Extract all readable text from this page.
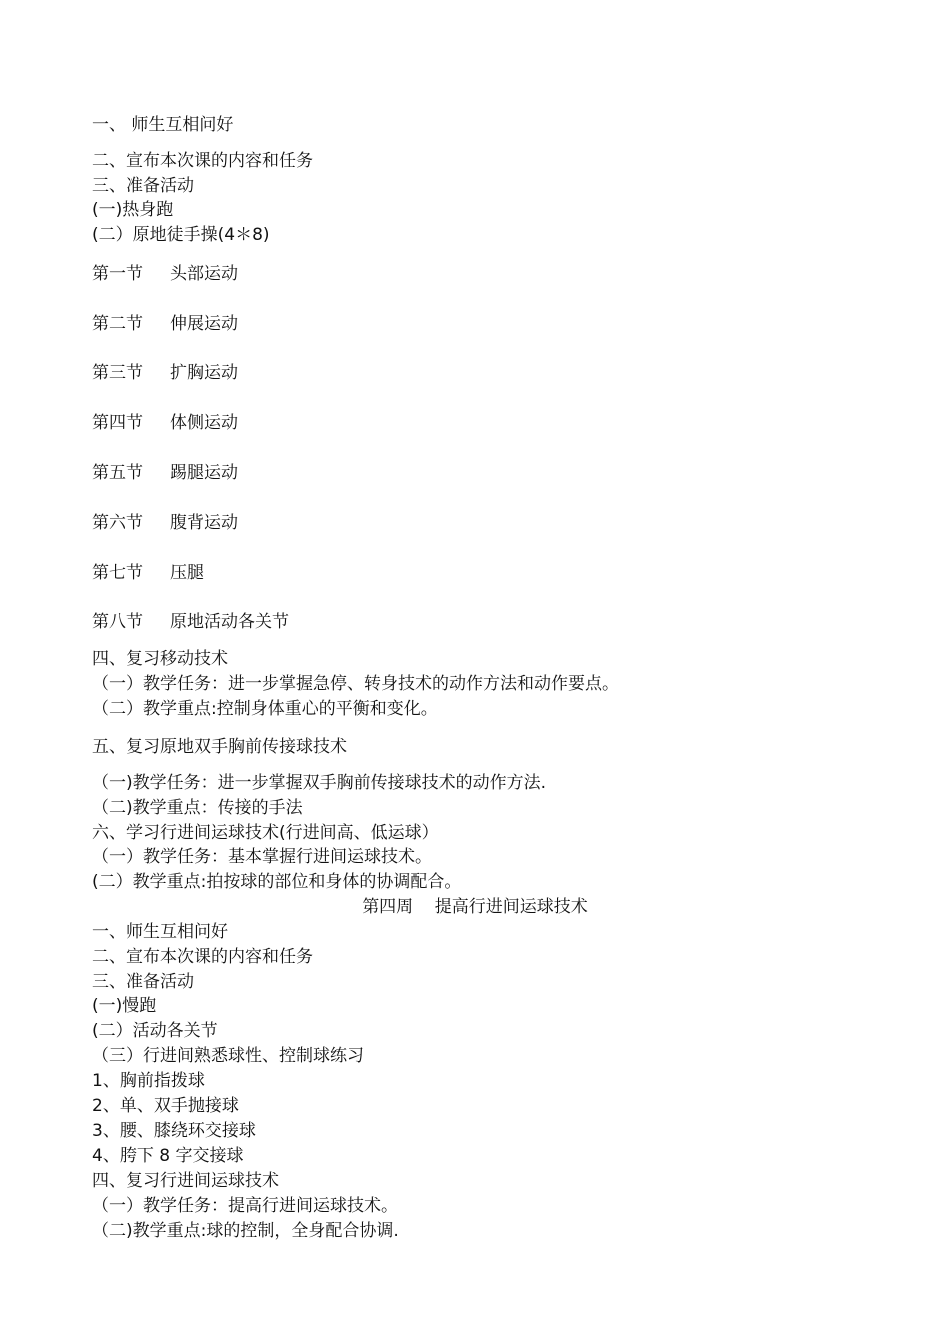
一、 师生互相问好
二、宣布本次课的内容和任务
三、准备活动
(一)热身跑
(二）原地徒手操(4＊8)
第一节     头部运动
第二节     伸展运动
第三节     扩胸运动
第四节     体侧运动
第五节     踢腿运动
第六节     腹背运动
第七节     压腿
第八节     原地活动各关节
四、复习移动技术
（一）教学任务：进一步掌握急停、转身技术的动作方法和动作要点。
（二）教学重点:控制身体重心的平衡和变化。
五、复习原地双手胸前传接球技术
（一)教学任务：进一步掌握双手胸前传接球技术的动作方法.
（二)教学重点：传接的手法
六、学习行进间运球技术(行进间高、低运球）
（一）教学任务：基本掌握行进间运球技术。
(二）教学重点:拍按球的部位和身体的协调配合。
第四周    提高行进间运球技术
一、师生互相问好
二、宣布本次课的内容和任务
三、准备活动
(一)慢跑
(二）活动各关节
（三）行进间熟悉球性、控制球练习
1、胸前指拨球
2、单、双手抛接球
3、腰、膝绕环交接球
4、胯下 8 字交接球
四、复习行进间运球技术
（一）教学任务：提高行进间运球技术。
（二)教学重点:球的控制，全身配合协调.
